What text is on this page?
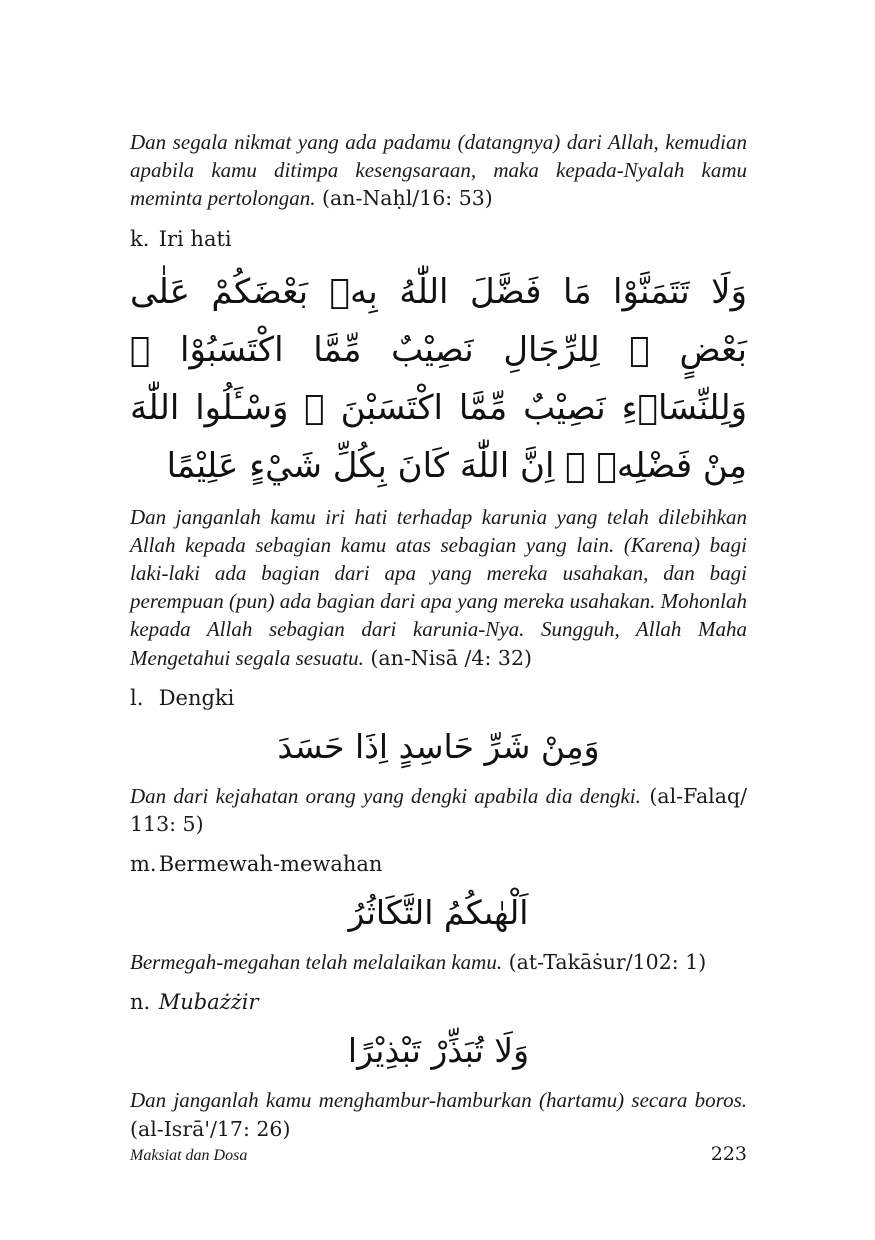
Dan segala nikmat yang ada padamu (datangnya) dari Allah, kemudian apabila kamu ditimpa kesengsaraan, maka kepada-Nyalah kamu meminta pertolongan. (an-Naḥl/16: 53)

k. Iri hati

وَلَا تَتَمَنَّوْا مَا فَضَّلَ اللّٰهُ بِهٖ بَعْضَكُمْ عَلٰى بَعْضٍ ۗ لِلرِّجَالِ نَصِيْبٌ مِّمَّا اكْتَسَبُوْا ۗ وَلِلنِّسَاۤءِ نَصِيْبٌ مِّمَّا اكْتَسَبْنَ ۗ وَسْـَٔلُوا اللّٰهَ مِنْ فَضْلِهٖ ۗ اِنَّ اللّٰهَ كَانَ بِكُلِّ شَيْءٍ عَلِيْمًا

Dan janganlah kamu iri hati terhadap karunia yang telah dilebihkan Allah kepada sebagian kamu atas sebagian yang lain. (Karena) bagi laki-laki ada bagian dari apa yang mereka usahakan, dan bagi perempuan (pun) ada bagian dari apa yang mereka usahakan. Mohonlah kepada Allah sebagian dari karunia-Nya. Sungguh, Allah Maha Mengetahui segala sesuatu. (an-Nisā /4: 32)

l. Dengki

وَمِنْ شَرِّ حَاسِدٍ اِذَا حَسَدَ

Dan dari kejahatan orang yang dengki apabila dia dengki. (al-Falaq/ 113: 5)

m. Bermewah-mewahan

اَلْهٰىكُمُ التَّكَاثُرُ

Bermegah-megahan telah melalaikan kamu. (at-Takāṡur/102: 1)

n. Mubażżir

وَلَا تُبَذِّرْ تَبْذِيْرًا

Dan janganlah kamu menghambur-hamburkan (hartamu) secara boros. (al-Isrā'/17: 26)

Maksiat dan Dosa	223
